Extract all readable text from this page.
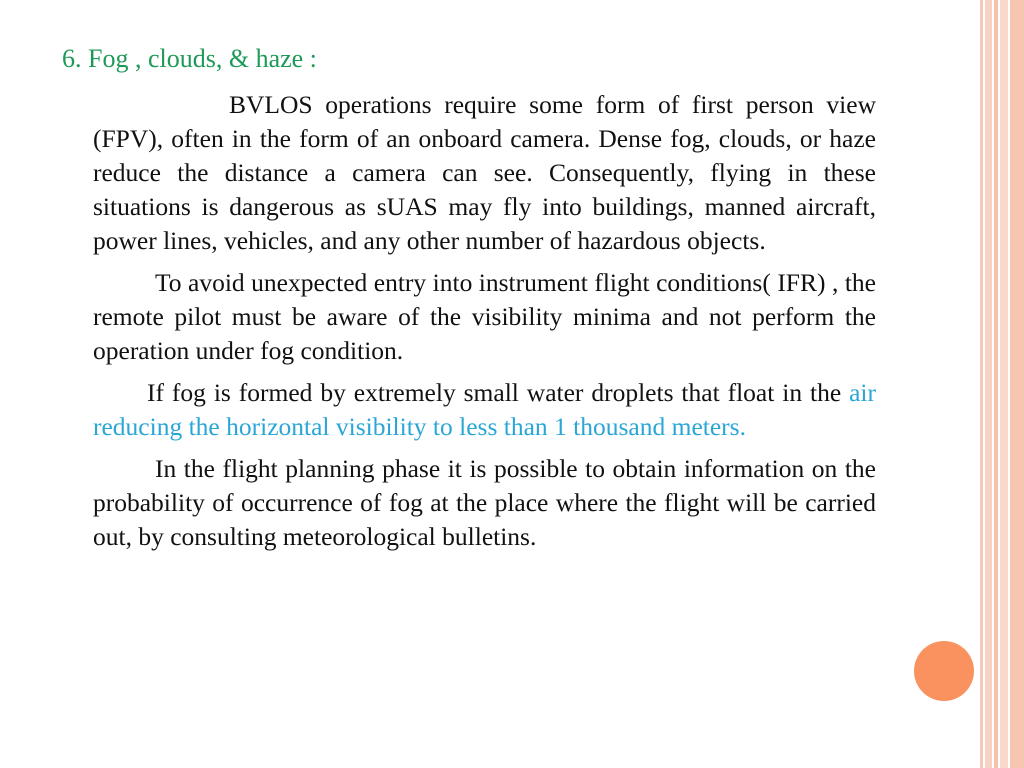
6. Fog , clouds, & haze :

BVLOS operations require some form of first person view (FPV), often in the form of an onboard camera. Dense fog, clouds, or haze reduce the distance a camera can see. Consequently, flying in these situations is dangerous as sUAS may fly into buildings, manned aircraft, power lines, vehicles, and any other number of hazardous objects.

To avoid unexpected entry into instrument flight conditions( IFR) , the remote pilot must be aware of the visibility minima and not perform the operation under fog condition.

If fog is formed by extremely small water droplets that float in the air reducing the horizontal visibility to less than 1 thousand meters.

In the flight planning phase it is possible to obtain information on the probability of occurrence of fog at the place where the flight will be carried out, by consulting meteorological bulletins.
